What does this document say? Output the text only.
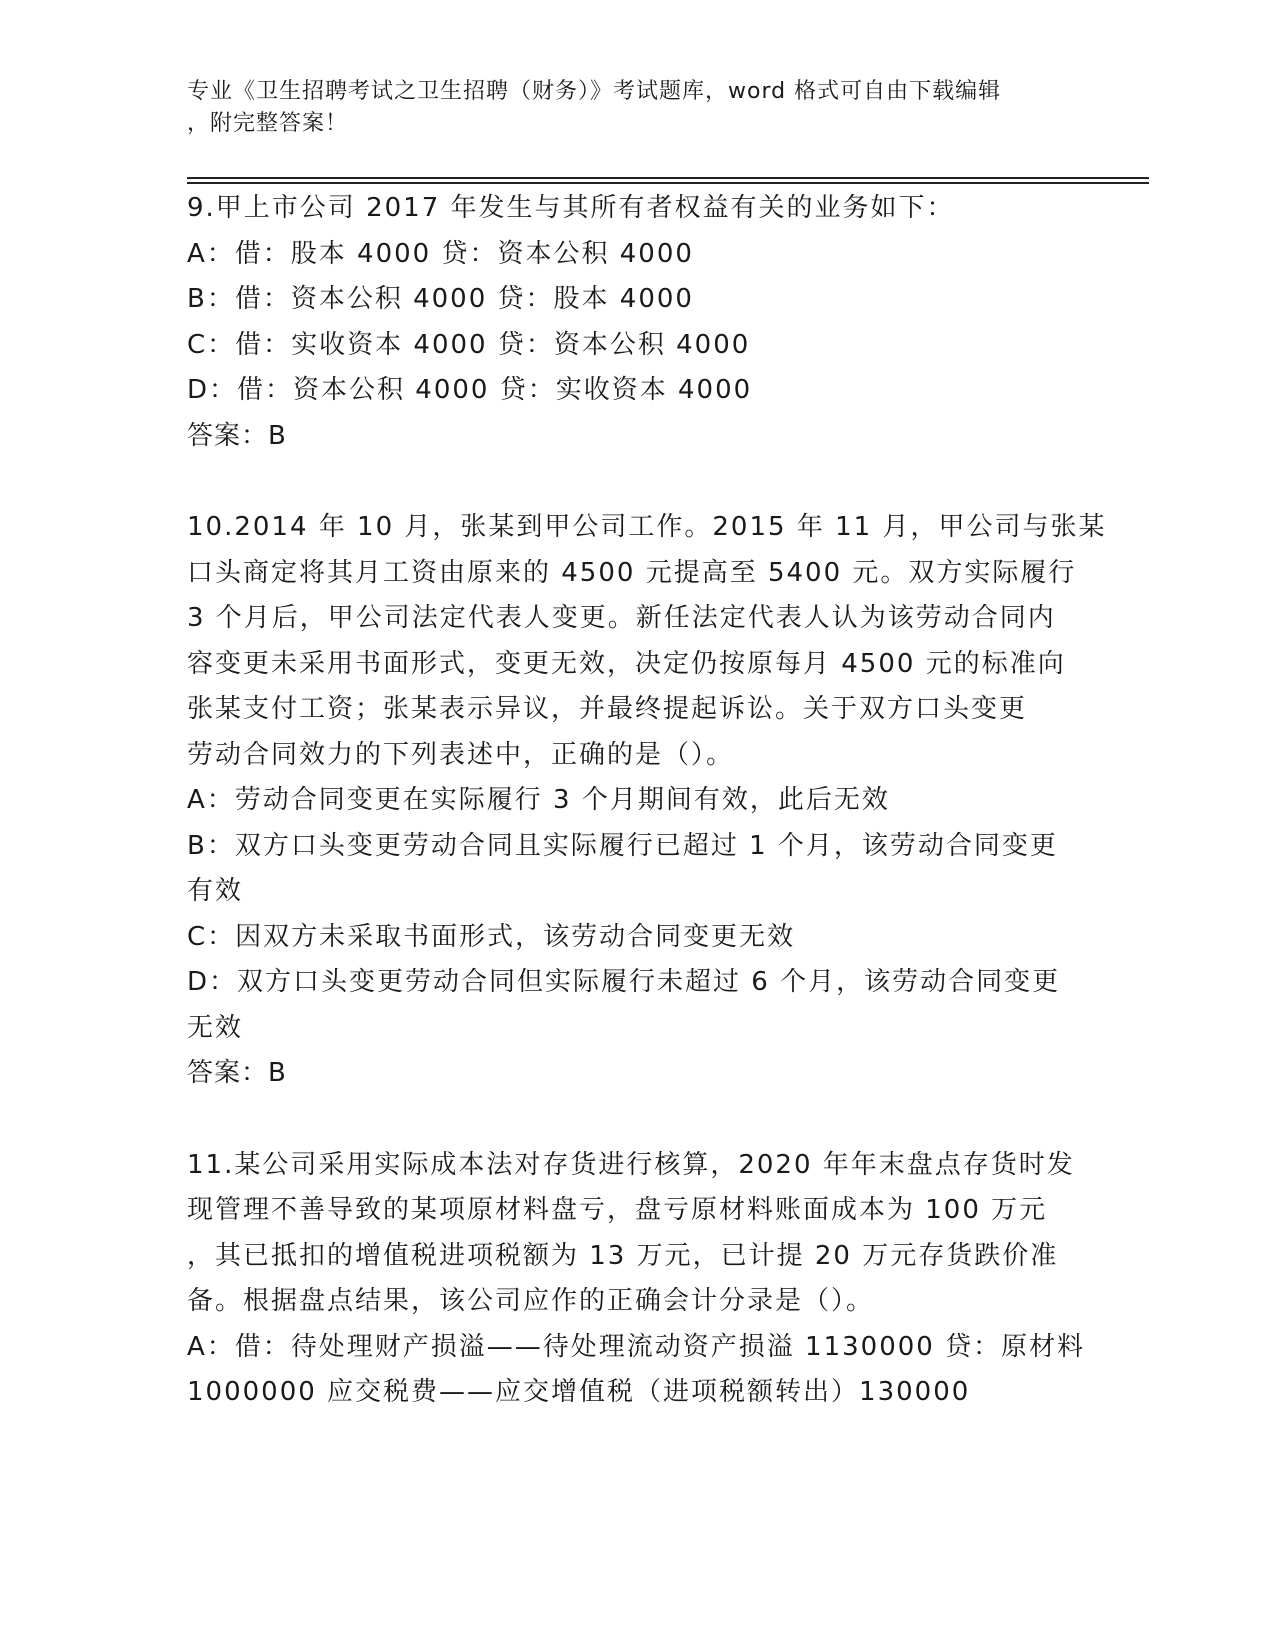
专业《卫生招聘考试之卫生招聘（财务）》考试题库，word 格式可自由下载编辑
，附完整答案！
9.甲上市公司 2017 年发生与其所有者权益有关的业务如下：
A：借：股本 4000 贷：资本公积 4000
B：借：资本公积 4000 贷：股本 4000
C：借：实收资本 4000 贷：资本公积 4000
D：借：资本公积 4000 贷：实收资本 4000
答案：B
10.2014 年 10 月，张某到甲公司工作。2015 年 11 月，甲公司与张某
口头商定将其月工资由原来的 4500 元提高至 5400 元。双方实际履行
3 个月后，甲公司法定代表人变更。新任法定代表人认为该劳动合同内
容变更未采用书面形式，变更无效，决定仍按原每月 4500 元的标准向
张某支付工资；张某表示异议，并最终提起诉讼。关于双方口头变更
劳动合同效力的下列表述中，正确的是（）。
A：劳动合同变更在实际履行 3 个月期间有效，此后无效
B：双方口头变更劳动合同且实际履行已超过 1 个月，该劳动合同变更
有效
C：因双方未采取书面形式，该劳动合同变更无效
D：双方口头变更劳动合同但实际履行未超过 6 个月，该劳动合同变更
无效
答案：B
11.某公司采用实际成本法对存货进行核算，2020 年年末盘点存货时发
现管理不善导致的某项原材料盘亏，盘亏原材料账面成本为 100 万元
，其已抵扣的增值税进项税额为 13 万元，已计提 20 万元存货跌价准
备。根据盘点结果，该公司应作的正确会计分录是（）。
A：借：待处理财产损溢——待处理流动资产损溢 1130000 贷：原材料
1000000 应交税费——应交增值税（进项税额转出）130000
